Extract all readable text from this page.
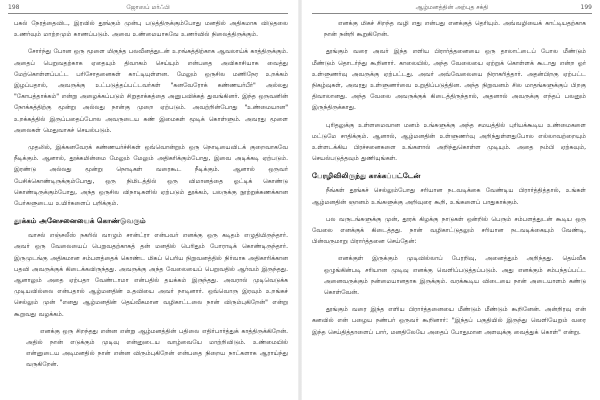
198	ஜோஸப் மர்ஃபி

பகல் நேரத்தைவிட, இரவில் தூங்கும் முன்பு படுத்திருக்கும்போது மனதில் அதிகமாக விடுதலை உணர்வும் மாற்றமும் காணப்படும். அவை உண்மையாகவே உணர்வில் நிலைத்திருக்கும்.

சோர்ந்து போன ஒரு மூளை மிகுந்த பலவீனத்துடன் உறங்கத்திற்காக ஆவலாய்க் காத்திருக்கும். அதைப் பெறுவதற்காக ஏதையும் திவாகம் செய்யும் என்பதை அவிகாசியாக வைத்து மேற்கொள்ளப்பட்ட பரிசோதனைகள் காட்டியுள்ளன. மேலும் ஒருசில மணிநேர உறக்கம் இழப்பதால், அவருக்கு உட்படுத்தப்பட்டவர்கள் "கனவேரோக் கண்ணயர்பீர்" அல்லது "கோபத்தாக்கம்" என்று அழைக்கப்படும் சிறுதாக்கத்தை அனுபவிக்கத் துவங்கினர். இந்த ஒருவனின் நோக்கத்திற்கு மூன்று அல்லது நான்கு முறை ஏற்படும். அவற்றின்போது "உண்மையான" உறக்கத்தில் இருப்பதைப்போல அவருடைய கண் இமைகள் மூடிக் கொள்ளும். அவரது மூளை அலைகள் மெதுவாகச் செயல்படும்.

முதலில், இக்கனவேரக் கண்ணயர்ச்சிகள் ஒவ்வொன்றும் ஒரு நொடியைவிடக் குறைவாகவே நீடிக்கும். ஆனால், தூக்கமின்மை மேலும் மேலும் அதிகரிக்கும்போது, இவை அடிக்கடி ஏற்படும். இரண்டு அல்லது மூன்று நொடிகள் வரைகூட நீடிக்கும். ஆனால் ஒருவர் பேசிக்கொண்டிருக்கும்போது, ஒரு நிமிடத்தில் ஒரு விமானத்தை ஓட்டிக் கொண்டு கொண்டிருக்கும்போது, அந்த ஒருசில விநாடிகளில் ஏற்படும் தூக்கம், பலருக்கு நூற்றுக்கணக்கான பேர்களுடைய உயிர்களைப் பறிக்கும்.

தூக்கம் அனேசனையைக் கொண்டுவரும்

வாசல் எஞ்சலீஸ் நகரில் வாழும் சான்ட்ரா என்பவர் எனக்கு ஒரு கடிதம் எழுதியிருந்தார். அவர் ஒரு வேலையைப் பெறுவதற்காகத் தன் மனதில் பெரிதும் போராடிக் கொண்டிருந்தார். இருமுடங்கு அதிகமான சம்பளத்தைக் கொண்ட மிகப் பெரிய நிறுவனத்தில் நிர்வாக அதிகாரிக்கான பதவி அவருக்குக் கிடைக்கவிருந்தது. அவருக்கு அந்த வேலையைப் பெறுவதில் ஆர்வம் இருந்தது. ஆனாலும் அதை ஏற்பதா வேண்டாமா என்பதில் தயக்கம் இருந்தது. அவரால் முடிவெடுக்க முடியவில்லை என்பதால் ஆழ்மனதின் உதவியை அவர் நாடினார். ஒவ்வொரு இரவும் உறங்கச் செல்லும் முன் "எனது ஆழ்மனதின் தெய்வீகமான வழிகாட்டலை நான் விரும்புகிறேன்" என்று கூறுவது வழக்கம்.

எனக்கு ஒரு சிறந்தது என்ன என்று ஆழ்மனத்தின் பதிலை எதிர்பார்த்துக் காத்திருக்கிறேன். அதில் நான் எடுக்கும் முடிவு என்னுடைய வாழ்வையே மாற்றிவிடும். உண்மையில் என்னுடைய அடிமனதில் நான் என்ன விரும்புகிறேன் என்பதை நிறைய நாட்களாக ஆராய்ந்து வருகிறேன்.

ஆழ்மனத்தின் அற்புத சக்தி	199

எனக்கு மிகச் சிறந்த வழி எது என்பது எனக்குத் தெரியும். அவ்வழியைக் காட்டியதற்காக நான் நன்றி கூறுகிறேன்.

தூங்கும் வரை அவர் இந்த எளிய பிரார்த்தனையை ஒரு தாலாட்டைப் போல மீண்டும் மீண்டும் தொடர்ந்து கூறினார். காலையில், அந்த வேலையை ஏற்றுக் கொள்ளக் கூடாது என்ற ஓர் உள்ளுணர்வு அவருக்கு ஏற்பட்டது. அவர் அவ்வேலையை நிராகரித்தார். அதன்பிறகு ஏற்பட்ட நிகழ்வுகள், அவரது உள்ளுணர்வை உறுதிப்படுத்தின. அந்த நிறுவனம் சில மாதங்களுக்குப் பிறகு திவாலானது. அந்த வேலை அவருக்குக் கிடைத்திருந்தால், அதனால் அவருக்கு எந்தப் பலனும் இருந்திருக்காது.

புரிதலுக்கு உள்ளமைவான மனம் உங்களுக்கு அந்த சமயத்தில் புரியக்கூடிய உண்மைகளை மட்டுமே சாதிக்கும். ஆனால், ஆழ்மனதின் உள்ளுணர்வு அறிந்துள்ளதுபோல எல்லாவற்றையும் உள்ளடக்கிய பிரச்சனைகளை உங்களால் அறிந்துகொள்ள முடியும். அதை நம்பி ஏற்கவும், செயல்படுத்தவும் துணியுங்கள்.

பேரழிவிலிருந்து காக்கப்பட்டேன்

நீங்கள் தூங்கச் செல்லும்போது சரியான நடவடிக்கை வேண்டிய பிரார்த்தித்தால், உங்கள் ஆழ்மனதின் ஞானம் உங்களுக்கு அறிவுரை கூறி, உங்களைப் பாதுகாக்கும்.

பல வருடங்களுக்கு முன், தூரக் கிழக்கு நாடுகள் ஒன்றில் பெரும் சம்பளத்துடன் கூடிய ஒரு வேலை எனக்குக் கிடைத்தது. நான் வழிகாட்டுதலும் சரியான நடவடிக்கையும் வேண்டி, பின்வருமாறு பிரார்த்தனை செய்தேன்:

எனக்குள் இருக்கும் முடிவில்லாப் பேரறிவு, அனைத்தும் அறிந்தது. தெய்வீக ஒழுங்கின்படி சரியான முடிவு எனக்கு வெளிப்படுத்தப்படும். அது எனக்கும் சம்பந்தப்பட்ட அனைவருக்கும் நன்மையானதாக இருக்கும். வரக்கூடிய விடையை நான் அடையாளம் கண்டு கொள்வேன்.

தூங்கும் வரை இந்த எளிய பிரார்த்தனையை மீண்டும் மீண்டும் கூறினேன். அன்றிரவு என் கனவில் என் பழைய நண்பர் ஒருவர் கூறினார்: "இந்தப் பகுதியில் இருந்து வெளியேறும் வரை இந்த செய்தித்தாளைப் பார், மனதிலேயே அதைப் போதுமான அளவுக்கு வைத்துக் கொள்" என்று.
